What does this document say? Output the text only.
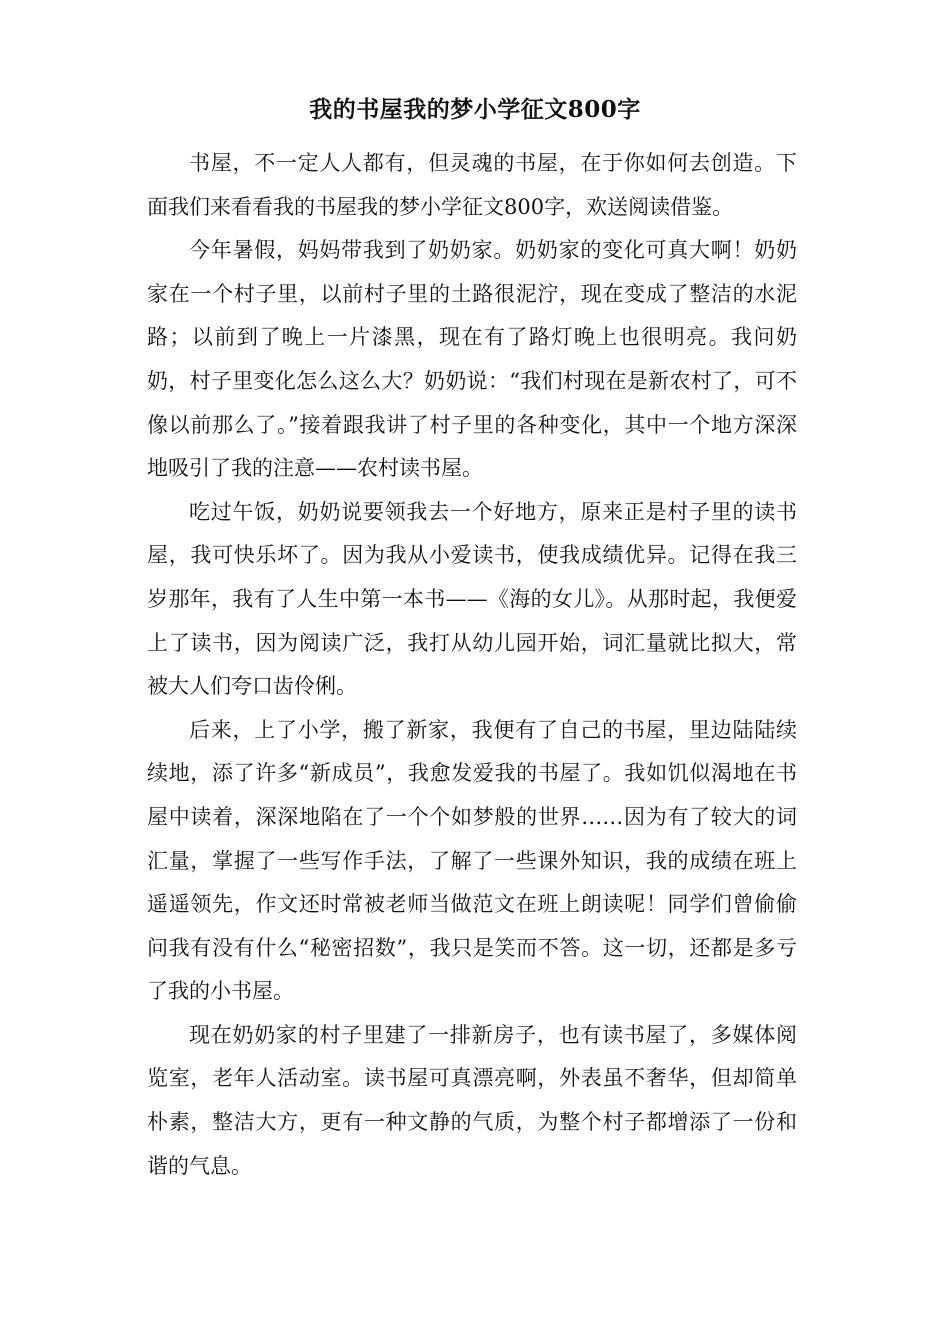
我的书屋我的梦小学征文800字

书屋，不一定人人都有，但灵魂的书屋，在于你如何去创造。下面我们来看看我的书屋我的梦小学征文800字，欢送阅读借鉴。

今年暑假，妈妈带我到了奶奶家。奶奶家的变化可真大啊！奶奶家在一个村子里，以前村子里的土路很泥泞，现在变成了整洁的水泥路；以前到了晚上一片漆黑，现在有了路灯晚上也很明亮。我问奶奶，村子里变化怎么这么大？奶奶说：“我们村现在是新农村了，可不像以前那么了。”接着跟我讲了村子里的各种变化，其中一个地方深深地吸引了我的注意——农村读书屋。

吃过午饭，奶奶说要领我去一个好地方，原来正是村子里的读书屋，我可快乐坏了。因为我从小爱读书，使我成绩优异。记得在我三岁那年，我有了人生中第一本书——《海的女儿》。从那时起，我便爱上了读书，因为阅读广泛，我打从幼儿园开始，词汇量就比拟大，常被大人们夸口齿伶俐。

后来，上了小学，搬了新家，我便有了自己的书屋，里边陆陆续续地，添了许多“新成员”，我愈发爱我的书屋了。我如饥似渴地在书屋中读着，深深地陷在了一个个如梦般的世界……因为有了较大的词汇量，掌握了一些写作手法，了解了一些课外知识，我的成绩在班上遥遥领先，作文还时常被老师当做范文在班上朗读呢！同学们曾偷偷问我有没有什么“秘密招数”，我只是笑而不答。这一切，还都是多亏了我的小书屋。

现在奶奶家的村子里建了一排新房子，也有读书屋了，多媒体阅览室，老年人活动室。读书屋可真漂亮啊，外表虽不奢华，但却简单朴素，整洁大方，更有一种文静的气质，为整个村子都增添了一份和谐的气息。
